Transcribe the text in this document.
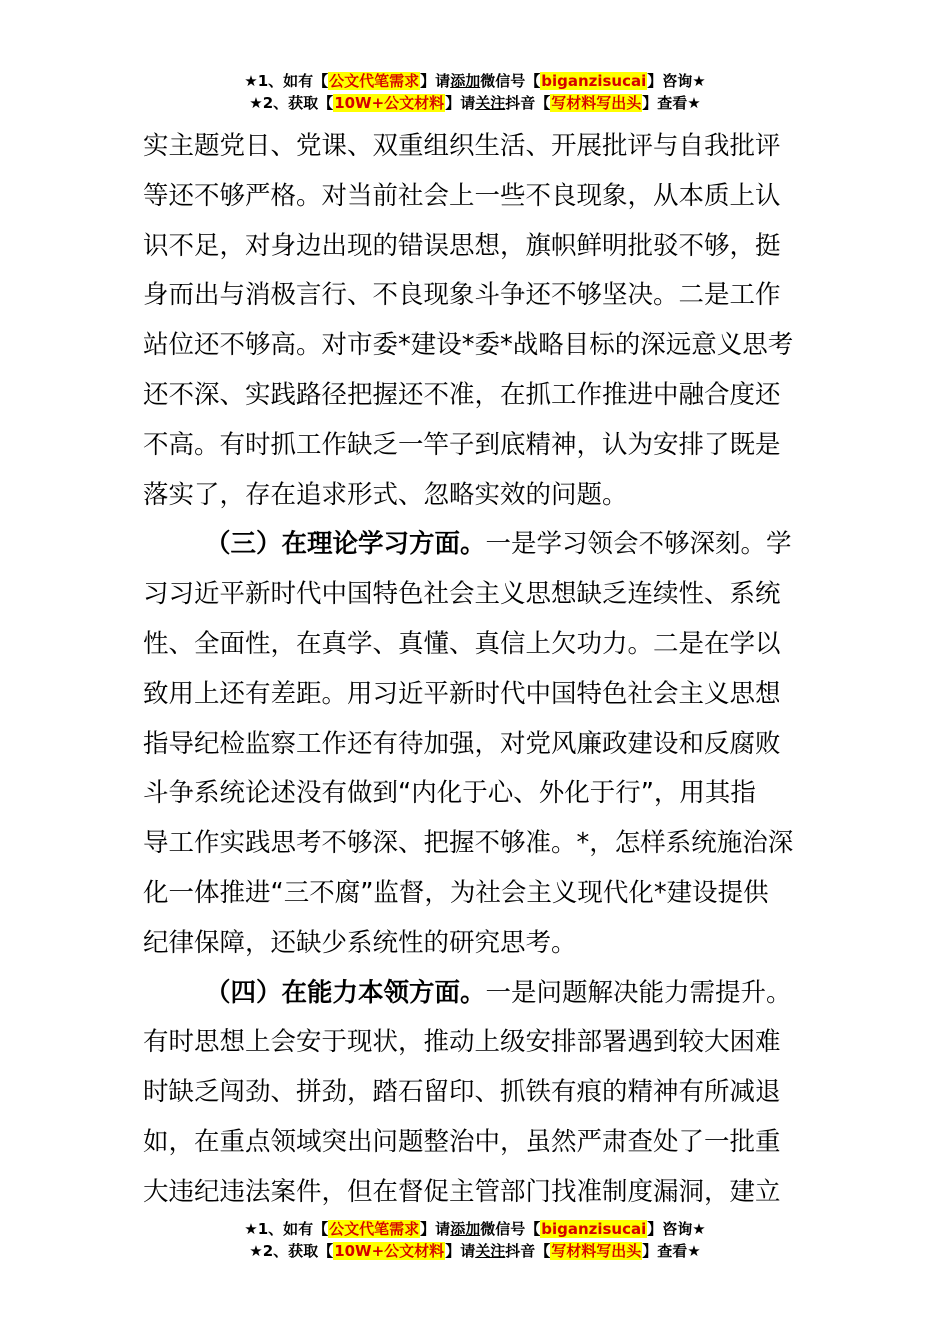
★1、如有【公文代笔需求】请添加微信号【biganzisucai】咨询★
★2、获取【10W+公文材料】请关注抖音【写材料写出头】查看★
实主题党日、党课、双重组织生活、开展批评与自我批评
等还不够严格。对当前社会上一些不良现象，从本质上认
识不足，对身边出现的错误思想，旗帜鲜明批驳不够，挺
身而出与消极言行、不良现象斗争还不够坚决。二是工作
站位还不够高。对市委*建设*委*战略目标的深远意义思考
还不深、实践路径把握还不准，在抓工作推进中融合度还
不高。有时抓工作缺乏一竿子到底精神，认为安排了既是
落实了，存在追求形式、忽略实效的问题。
（三）在理论学习方面。一是学习领会不够深刻。学
习习近平新时代中国特色社会主义思想缺乏连续性、系统
性、全面性，在真学、真懂、真信上欠功力。二是在学以
致用上还有差距。用习近平新时代中国特色社会主义思想
指导纪检监察工作还有待加强，对党风廉政建设和反腐败
斗争系统论述没有做到“内化于心、外化于行”，用其指
导工作实践思考不够深、把握不够准。*，怎样系统施治深
化一体推进“三不腐”监督，为社会主义现代化*建设提供
纪律保障，还缺少系统性的研究思考。
（四）在能力本领方面。一是问题解决能力需提升。
有时思想上会安于现状，推动上级安排部署遇到较大困难
时缺乏闯劲、拼劲，踏石留印、抓铁有痕的精神有所减退
如，在重点领域突出问题整治中，虽然严肃查处了一批重
大违纪违法案件，但在督促主管部门找准制度漏洞，建立
★1、如有【公文代笔需求】请添加微信号【biganzisucai】咨询★
★2、获取【10W+公文材料】请关注抖音【写材料写出头】查看★
